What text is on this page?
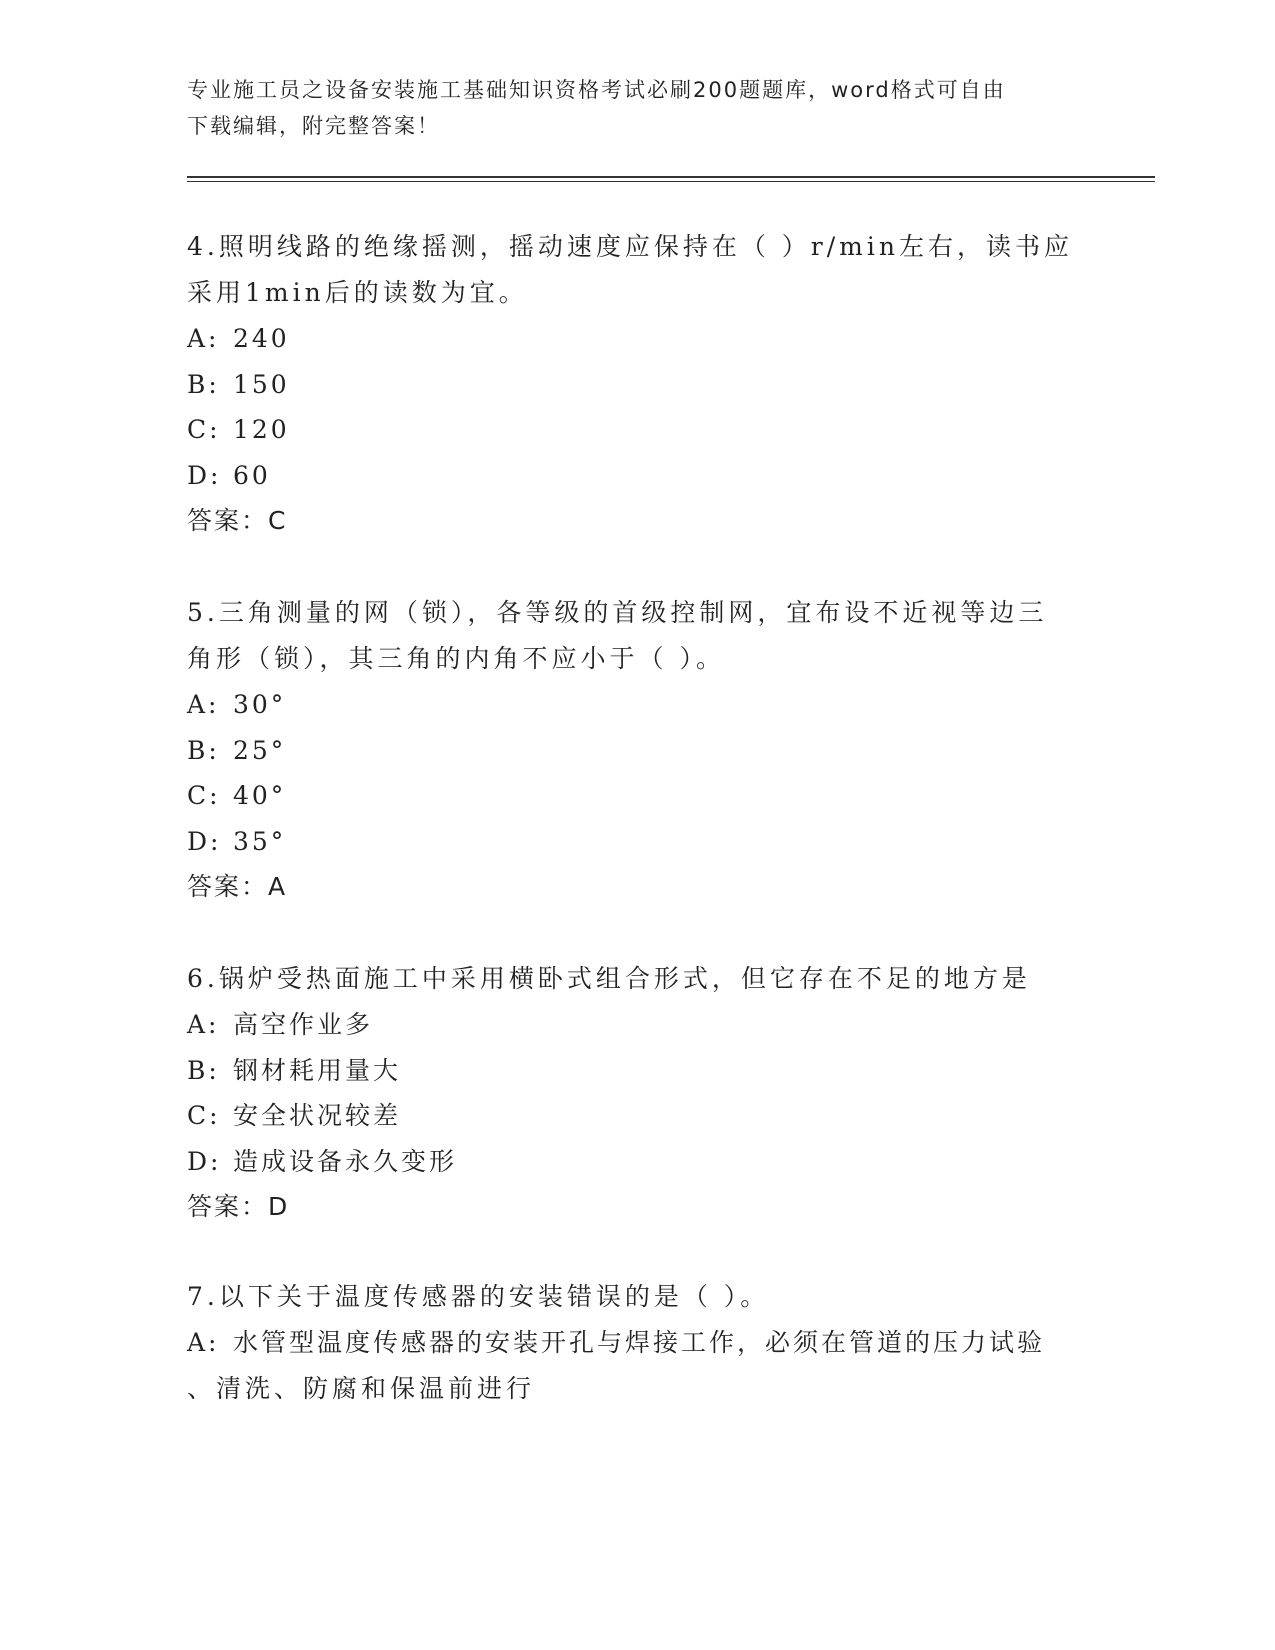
专业施工员之设备安装施工基础知识资格考试必刷200题题库，word格式可自由
下载编辑，附完整答案！

4.照明线路的绝缘摇测，摇动速度应保持在（ ）r/min左右，读书应

采用1min后的读数为宜。

A: 240

B: 150

C: 120

D: 60

答案：C

5.三角测量的网（锁），各等级的首级控制网，宜布设不近视等边三

角形（锁），其三角的内角不应小于（ ）。

A: 30°

B: 25°

C: 40°

D: 35°

答案：A

6.锅炉受热面施工中采用横卧式组合形式，但它存在不足的地方是

A: 高空作业多

B: 钢材耗用量大

C: 安全状况较差

D: 造成设备永久变形

答案：D

7.以下关于温度传感器的安装错误的是（ ）。

A: 水管型温度传感器的安装开孔与焊接工作，必须在管道的压力试验

、清洗、防腐和保温前进行
